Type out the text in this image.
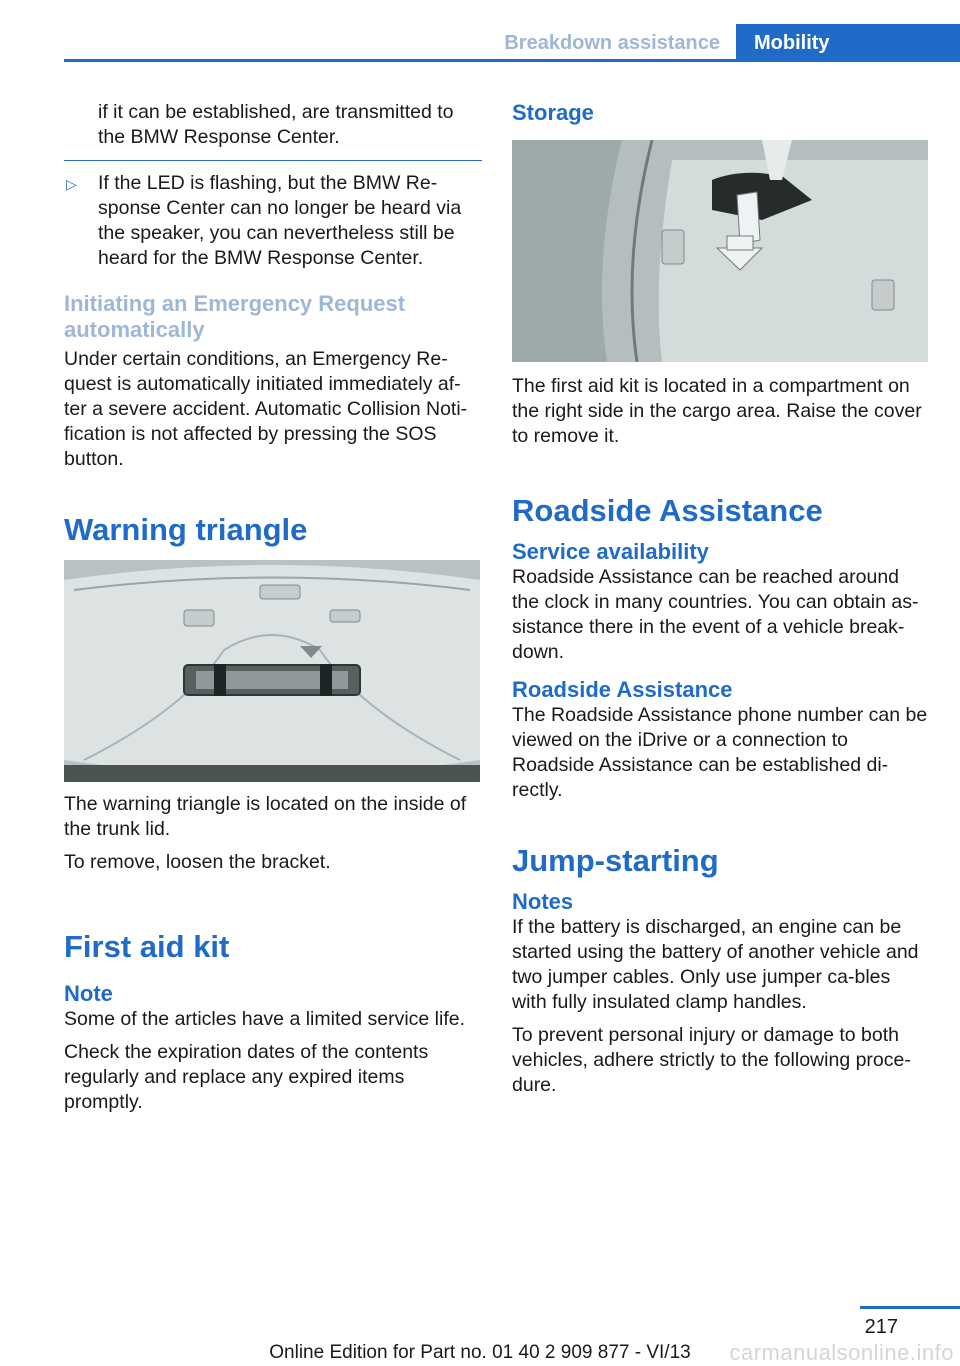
Breakdown assistance	Mobility

if it can be established, are transmitted to the BMW Response Center.

▷ If the LED is flashing, but the BMW Re-sponse Center can no longer be heard via the speaker, you can nevertheless still be heard for the BMW Response Center.

Initiating an Emergency Request automatically

Under certain conditions, an Emergency Re-quest is automatically initiated immediately af-ter a severe accident. Automatic Collision Noti-fication is not affected by pressing the SOS button.

Warning triangle

The warning triangle is located on the inside of the trunk lid.

To remove, loosen the bracket.

First aid kit
Note

Some of the articles have a limited service life.

Check the expiration dates of the contents regularly and replace any expired items promptly.

Storage

The first aid kit is located in a compartment on the right side in the cargo area. Raise the cover to remove it.

Roadside Assistance
Service availability

Roadside Assistance can be reached around the clock in many countries. You can obtain as-sistance there in the event of a vehicle break-down.

Roadside Assistance

The Roadside Assistance phone number can be viewed on the iDrive or a connection to Roadside Assistance can be established di-rectly.

Jump-starting
Notes

If the battery is discharged, an engine can be started using the battery of another vehicle and two jumper cables. Only use jumper ca-bles with fully insulated clamp handles.

To prevent personal injury or damage to both vehicles, adhere strictly to the following proce-dure.

217
Online Edition for Part no. 01 40 2 909 877 - VI/13	carmanualsonline.info
